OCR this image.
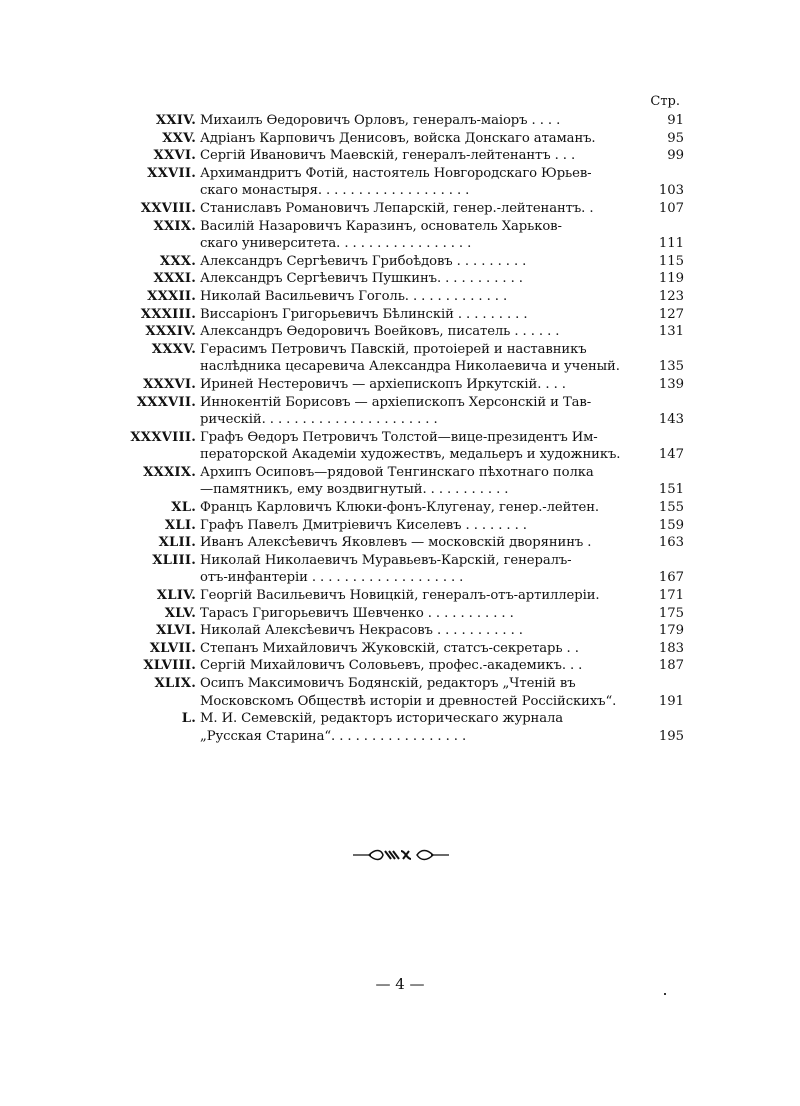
Стр.
XXIV. Михаилъ Өедоровичъ Орловъ, генералъ-маіоръ . . . .	91
XXV. Адріанъ Карповичъ Денисовъ, войска Донскаго атаманъ.	95
XXVI. Сергій Ивановичъ Маевскій, генералъ-лейтенантъ . . .	99
XXVII. Архимандритъ Фотій, настоятель Новгородскаго Юрьев-
скаго монастыря. . . . . . . . . . . . . . . . . . .	103
XXVIII. Станиславъ Романовичъ Лепарскій, генер.-лейтенантъ. .	107
XXIX. Василій Назаровичъ Каразинъ, основатель Харьков-
скаго университета. . . . . . . . . . . . . . . . .	111
XXX. Александръ Сергѣевичъ Грибоѣдовъ . . . . . . . . .	115
XXXI. Александръ Сергѣевичъ Пушкинъ. . . . . . . . . . .	119
XXXII. Николай Васильевичъ Гоголь. . . . . . . . . . . . .	123
XXXIII. Виссаріонъ Григорьевичъ Бѣлинскій . . . . . . . . .	127
XXXIV. Александръ Өедоровичъ Воейковъ, писатель . . . . . .	131
XXXV. Герасимъ Петровичъ Павскій, протоіерей и наставникъ
наслѣдника цесаревича Александра Николаевича и ученый.	135
XXXVI. Ириней Нестеровичъ — архіепископъ Иркутскій. . . .	139
XXXVII. Иннокентій Борисовъ — архіепископъ Херсонскій и Тав-
рическій. . . . . . . . . . . . . . . . . . . . . .	143
XXXVIII. Графъ Өедоръ Петровичъ Толстой—вице-президентъ Им-
ператорской Академіи художествъ, медальеръ и художникъ.	147
XXXIX. Архипъ Осиповъ—рядовой Тенгинскаго пѣхотнаго полка
—памятникъ, ему воздвигнутый. . . . . . . . . . .	151
XL. Францъ Карловичъ Клюки-фонъ-Клугенау, генер.-лейтен.	155
XLI. Графъ Павелъ Дмитріевичъ Киселевъ . . . . . . . .	159
XLII. Иванъ Алексѣевичъ Яковлевъ — московскій дворянинъ .	163
XLIII. Николай Николаевичъ Муравьевъ-Карскій, генералъ-
отъ-инфантеріи . . . . . . . . . . . . . . . . . . .	167
XLIV. Георгій Васильевичъ Новицкій, генералъ-отъ-артиллеріи.	171
XLV. Тарасъ Григорьевичъ Шевченко . . . . . . . . . . .	175
XLVI. Николай Алексѣевичъ Некрасовъ . . . . . . . . . . .	179
XLVII. Степанъ Михайловичъ Жуковскій, статсъ-секретарь . .	183
XLVIII. Сергій Михайловичъ Соловьевъ, профес.-академикъ. . .	187
XLIX. Осипъ Максимовичъ Бодянскій, редакторъ „Чтеній въ
Московскомъ Обществѣ исторіи и древностей Россійскихъ“.	191
L. М. И. Семевскій, редакторъ историческаго журнала
„Русская Старина“. . . . . . . . . . . . . . . . .	195
— 4 —
